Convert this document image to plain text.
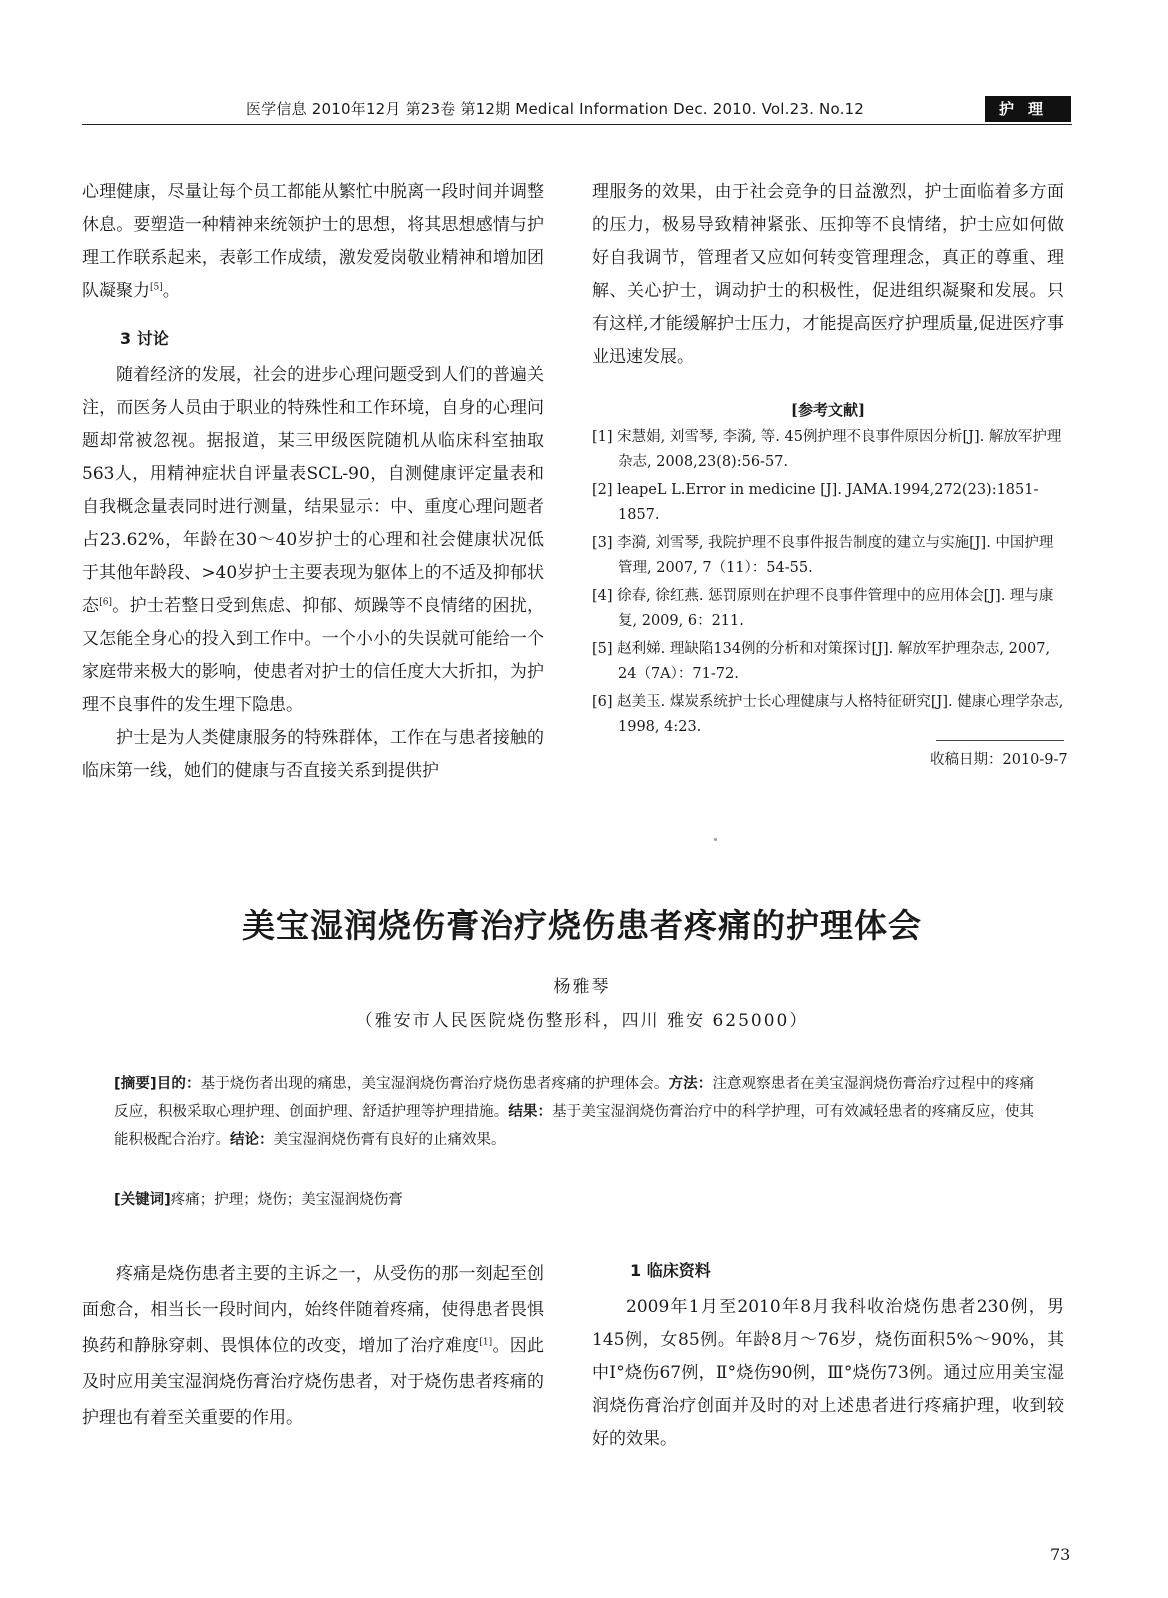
医学信息 2010年12月 第23卷 第12期 Medical Information Dec. 2010. Vol.23. No.12	护理

心理健康，尽量让每个员工都能从繁忙中脱离一段时间并调整休息。要塑造一种精神来统领护士的思想，将其思想感情与护理工作联系起来，表彰工作成绩，激发爱岗敬业精神和增加团队凝聚力[5]。

3 讨论

随着经济的发展，社会的进步心理问题受到人们的普遍关注，而医务人员由于职业的特殊性和工作环境，自身的心理问题却常被忽视。据报道，某三甲级医院随机从临床科室抽取563人，用精神症状自评量表SCL-90，自测健康评定量表和自我概念量表同时进行测量，结果显示：中、重度心理问题者占23.62%，年龄在30～40岁护士的心理和社会健康状况低于其他年龄段、>40岁护士主要表现为躯体上的不适及抑郁状态[6]。护士若整日受到焦虑、抑郁、烦躁等不良情绪的困扰，又怎能全身心的投入到工作中。一个小小的失误就可能给一个家庭带来极大的影响，使患者对护士的信任度大大折扣，为护理不良事件的发生埋下隐患。

护士是为人类健康服务的特殊群体，工作在与患者接触的临床第一线，她们的健康与否直接关系到提供护

理服务的效果，由于社会竞争的日益激烈，护士面临着多方面的压力，极易导致精神紧张、压抑等不良情绪，护士应如何做好自我调节，管理者又应如何转变管理理念，真正的尊重、理解、关心护士，调动护士的积极性，促进组织凝聚和发展。只有这样,才能缓解护士压力，才能提高医疗护理质量,促进医疗事业迅速发展。

[参考文献]
[1] 宋慧娟, 刘雪琴, 李漪, 等. 45例护理不良事件原因分析[J]. 解放军护理杂志, 2008,23(8):56-57.
[2] leapeL L.Error in medicine [J]. JAMA.1994,272(23):1851-1857.
[3] 李漪, 刘雪琴, 我院护理不良事件报告制度的建立与实施[J]. 中国护理管理, 2007, 7（11）：54-55.
[4] 徐春, 徐红燕. 惩罚原则在护理不良事件管理中的应用体会[J]. 理与康复, 2009, 6：211.
[5] 赵利娣. 理缺陷134例的分析和对策探讨[J]. 解放军护理杂志, 2007, 24（7A）：71-72.
[6] 赵美玉. 煤炭系统护士长心理健康与人格特征研究[J]. 健康心理学杂志, 1998, 4:23.
收稿日期：2010-9-7
美宝湿润烧伤膏治疗烧伤患者疼痛的护理体会
杨雅琴
（雅安市人民医院烧伤整形科，四川 雅安 625000）
[摘要]目的：基于烧伤者出现的痛患，美宝湿润烧伤膏治疗烧伤患者疼痛的护理体会。方法：注意观察患者在美宝湿润烧伤膏治疗过程中的疼痛反应，积极采取心理护理、创面护理、舒适护理等护理措施。结果：基于美宝湿润烧伤膏治疗中的科学护理，可有效减轻患者的疼痛反应，使其能积极配合治疗。结论：美宝湿润烧伤膏有良好的止痛效果。
[关键词]疼痛；护理；烧伤；美宝湿润烧伤膏

疼痛是烧伤患者主要的主诉之一，从受伤的那一刻起至创面愈合，相当长一段时间内，始终伴随着疼痛，使得患者畏惧换药和静脉穿刺、畏惧体位的改变，增加了治疗难度[1]。因此及时应用美宝湿润烧伤膏治疗烧伤患者，对于烧伤患者疼痛的护理也有着至关重要的作用。

1 临床资料

2009年1月至2010年8月我科收治烧伤患者230例，男145例，女85例。年龄8月～76岁，烧伤面积5%～90%，其中Ⅰ°烧伤67例，Ⅱ°烧伤90例，Ⅲ°烧伤73例。通过应用美宝湿润烧伤膏治疗创面并及时的对上述患者进行疼痛护理，收到较好的效果。

73
